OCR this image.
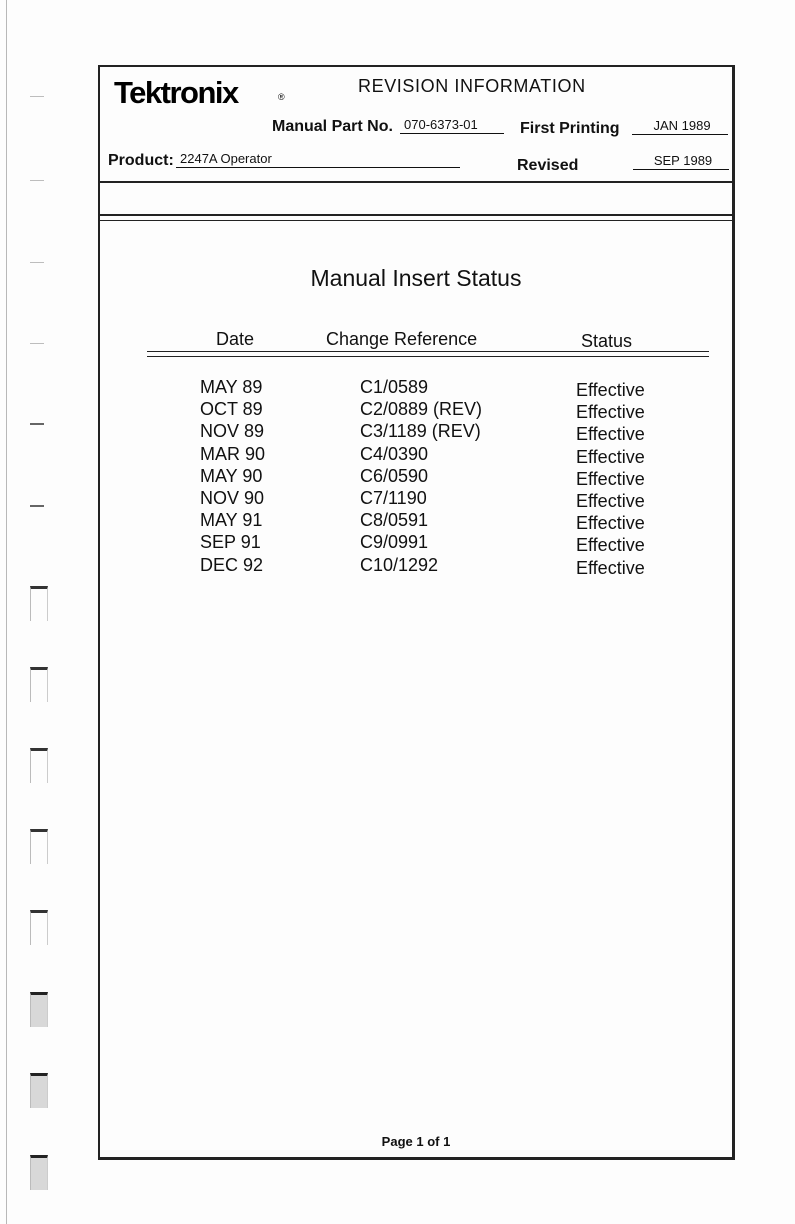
Tektronix	®
REVISION INFORMATION
Manual Part No. 070-6373-01	First Printing	JAN 1989
Product: 2247A Operator	Revised	SEP 1989
Manual Insert Status
Date	Change Reference	Status
MAY 89	C1/0589	Effective
OCT 89	C2/0889 (REV)	Effective
NOV 89	C3/1189 (REV)	Effective
MAR 90	C4/0390	Effective
MAY 90	C6/0590	Effective
NOV 90	C7/1190	Effective
MAY 91	C8/0591	Effective
SEP 91	C9/0991	Effective
DEC 92	C10/1292	Effective
Page 1 of 1
